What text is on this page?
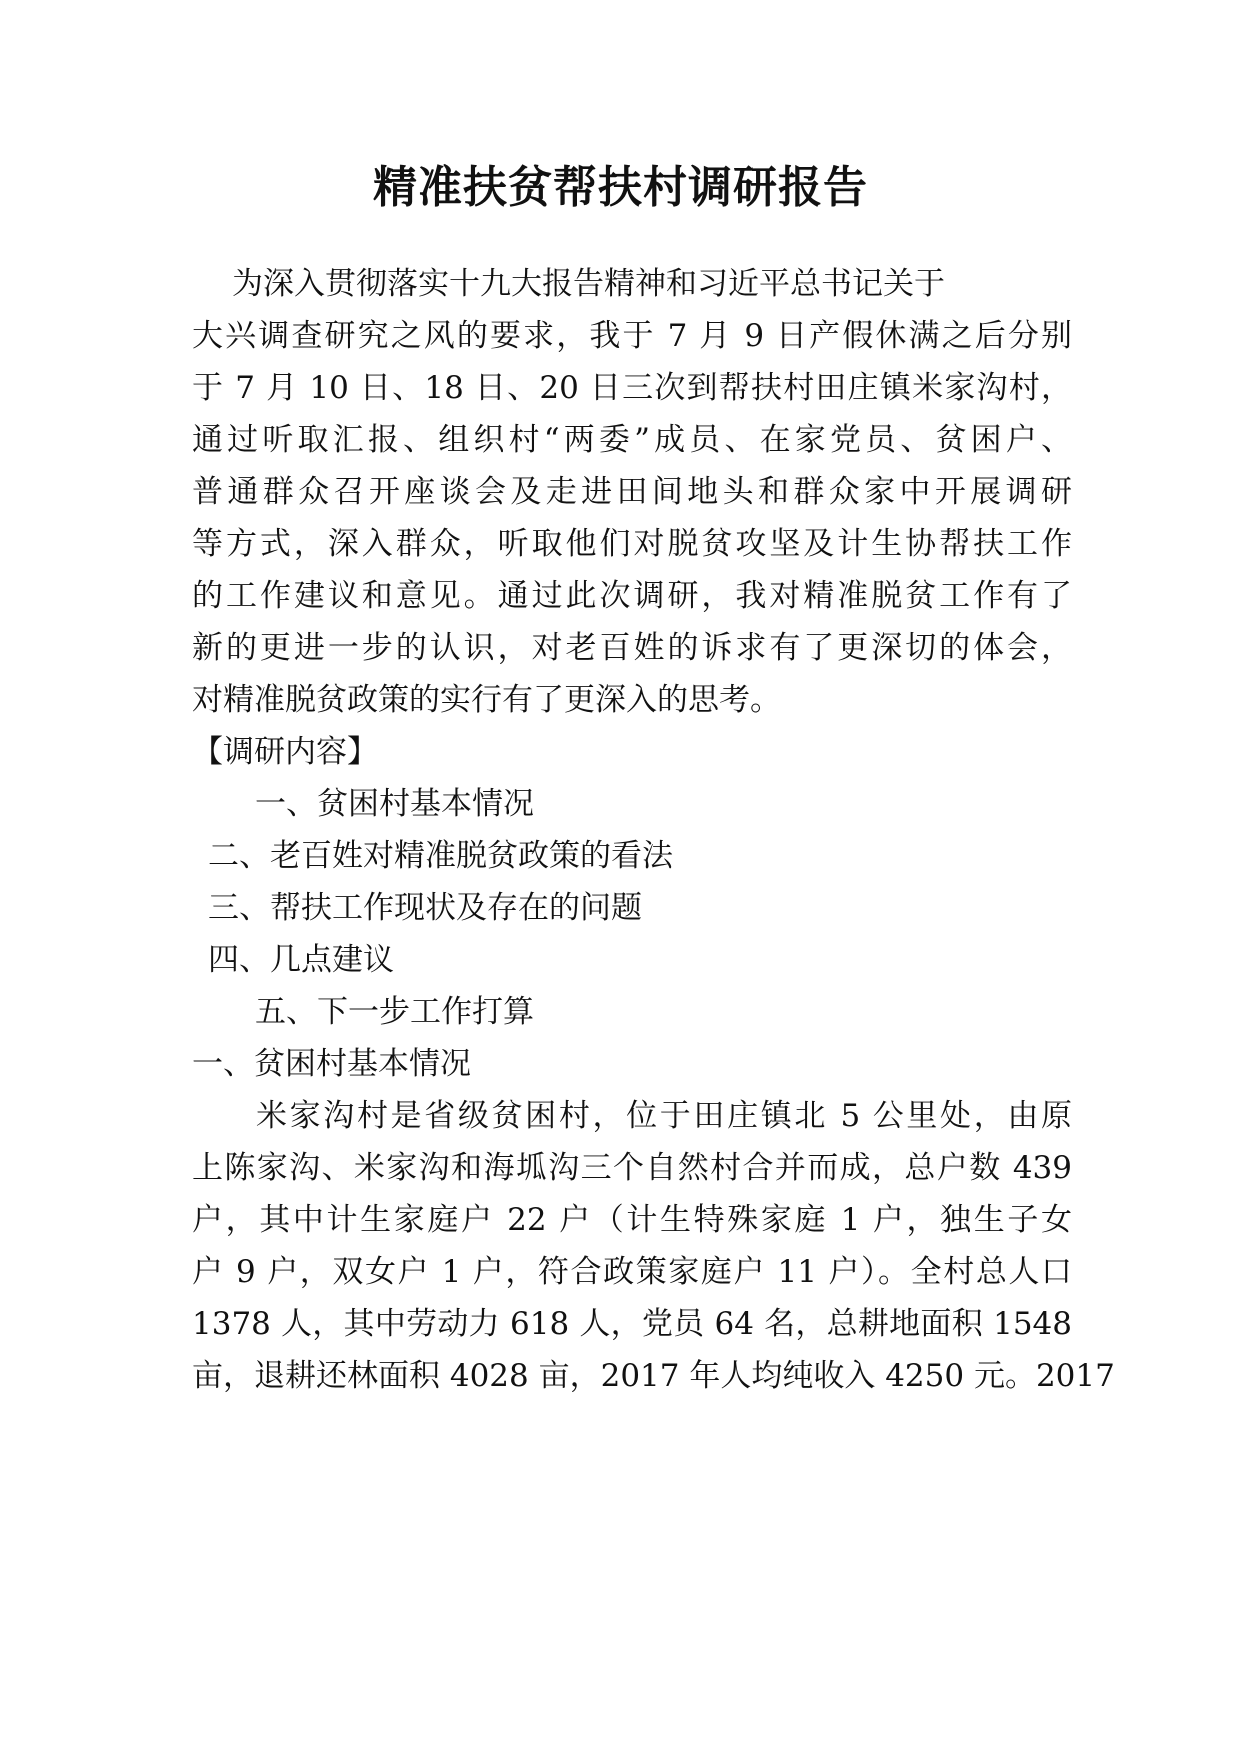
精准扶贫帮扶村调研报告

为深入贯彻落实十九大报告精神和习近平总书记关于

大兴调查研究之风的要求，我于 7 月 9 日产假休满之后分别

于 7 月 10 日、18 日、20 日三次到帮扶村田庄镇米家沟村，

通过听取汇报、组织村“两委”成员、在家党员、贫困户、

普通群众召开座谈会及走进田间地头和群众家中开展调研

等方式，深入群众，听取他们对脱贫攻坚及计生协帮扶工作

的工作建议和意见。通过此次调研，我对精准脱贫工作有了

新的更进一步的认识，对老百姓的诉求有了更深切的体会，

对精准脱贫政策的实行有了更深入的思考。

【调研内容】

一、贫困村基本情况

二、老百姓对精准脱贫政策的看法

三、帮扶工作现状及存在的问题

四、几点建议

五、下一步工作打算

一、贫困村基本情况

米家沟村是省级贫困村，位于田庄镇北 5 公里处，由原

上陈家沟、米家沟和海坬沟三个自然村合并而成，总户数 439

户，其中计生家庭户 22 户（计生特殊家庭 1 户，独生子女

户 9 户，双女户 1 户，符合政策家庭户 11 户）。全村总人口

1378 人，其中劳动力 618 人，党员 64 名，总耕地面积 1548

亩，退耕还林面积 4028 亩，2017 年人均纯收入 4250 元。2017
